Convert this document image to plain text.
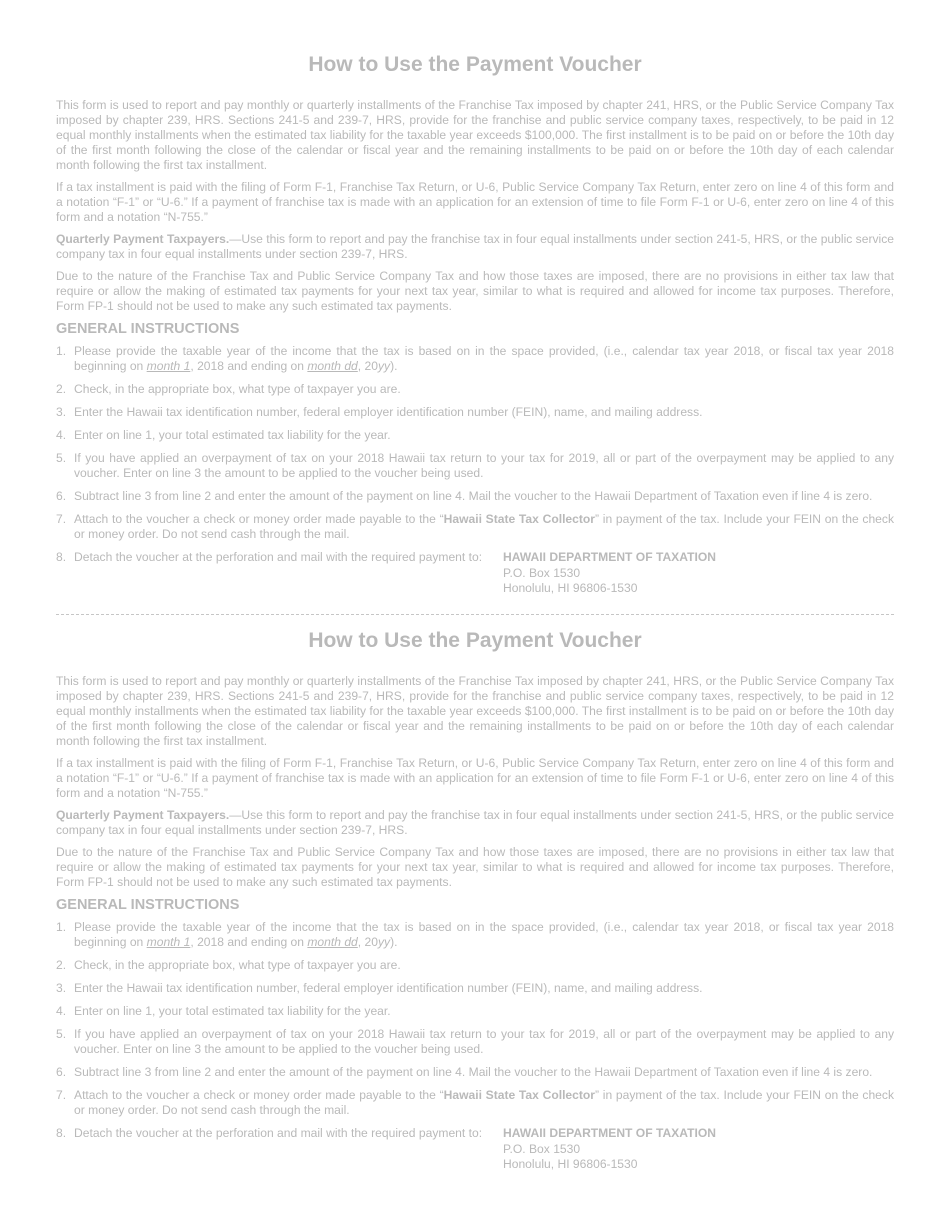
How to Use the Payment Voucher
This form is used to report and pay monthly or quarterly installments of the Franchise Tax imposed by chapter 241, HRS, or the Public Service Company Tax imposed by chapter 239, HRS. Sections 241-5 and 239-7, HRS, provide for the franchise and public service company taxes, respectively, to be paid in 12 equal monthly installments when the estimated tax liability for the taxable year exceeds $100,000. The first installment is to be paid on or before the 10th day of the first month following the close of the calendar or fiscal year and the remaining installments to be paid on or before the 10th day of each calendar month following the first tax installment.
If a tax installment is paid with the filing of Form F-1, Franchise Tax Return, or U-6, Public Service Company Tax Return, enter zero on line 4 of this form and a notation “F-1” or “U-6.” If a payment of franchise tax is made with an application for an extension of time to file Form F-1 or U-6, enter zero on line 4 of this form and a notation “N-755.”
Quarterly Payment Taxpayers.—Use this form to report and pay the franchise tax in four equal installments under section 241-5, HRS, or the public service company tax in four equal installments under section 239-7, HRS.
Due to the nature of the Franchise Tax and Public Service Company Tax and how those taxes are imposed, there are no provisions in either tax law that require or allow the making of estimated tax payments for your next tax year, similar to what is required and allowed for income tax purposes. Therefore, Form FP-1 should not be used to make any such estimated tax payments.
GENERAL INSTRUCTIONS
1. Please provide the taxable year of the income that the tax is based on in the space provided, (i.e., calendar tax year 2018, or fiscal tax year 2018 beginning on month 1, 2018 and ending on month dd, 20yy).
2. Check, in the appropriate box, what type of taxpayer you are.
3. Enter the Hawaii tax identification number, federal employer identification number (FEIN), name, and mailing address.
4. Enter on line 1, your total estimated tax liability for the year.
5. If you have applied an overpayment of tax on your 2018 Hawaii tax return to your tax for 2019, all or part of the overpayment may be applied to any voucher. Enter on line 3 the amount to be applied to the voucher being used.
6. Subtract line 3 from line 2 and enter the amount of the payment on line 4. Mail the voucher to the Hawaii Department of Taxation even if line 4 is zero.
7. Attach to the voucher a check or money order made payable to the “Hawaii State Tax Collector” in payment of the tax. Include your FEIN on the check or money order. Do not send cash through the mail.
8. Detach the voucher at the perforation and mail with the required payment to:	HAWAII DEPARTMENT OF TAXATION
P.O. Box 1530
Honolulu, HI 96806-1530
How to Use the Payment Voucher
This form is used to report and pay monthly or quarterly installments of the Franchise Tax imposed by chapter 241, HRS, or the Public Service Company Tax imposed by chapter 239, HRS. Sections 241-5 and 239-7, HRS, provide for the franchise and public service company taxes, respectively, to be paid in 12 equal monthly installments when the estimated tax liability for the taxable year exceeds $100,000. The first installment is to be paid on or before the 10th day of the first month following the close of the calendar or fiscal year and the remaining installments to be paid on or before the 10th day of each calendar month following the first tax installment.
If a tax installment is paid with the filing of Form F-1, Franchise Tax Return, or U-6, Public Service Company Tax Return, enter zero on line 4 of this form and a notation “F-1” or “U-6.” If a payment of franchise tax is made with an application for an extension of time to file Form F-1 or U-6, enter zero on line 4 of this form and a notation “N-755.”
Quarterly Payment Taxpayers.—Use this form to report and pay the franchise tax in four equal installments under section 241-5, HRS, or the public service company tax in four equal installments under section 239-7, HRS.
Due to the nature of the Franchise Tax and Public Service Company Tax and how those taxes are imposed, there are no provisions in either tax law that require or allow the making of estimated tax payments for your next tax year, similar to what is required and allowed for income tax purposes. Therefore, Form FP-1 should not be used to make any such estimated tax payments.
GENERAL INSTRUCTIONS
1. Please provide the taxable year of the income that the tax is based on in the space provided, (i.e., calendar tax year 2018, or fiscal tax year 2018 beginning on month 1, 2018 and ending on month dd, 20yy).
2. Check, in the appropriate box, what type of taxpayer you are.
3. Enter the Hawaii tax identification number, federal employer identification number (FEIN), name, and mailing address.
4. Enter on line 1, your total estimated tax liability for the year.
5. If you have applied an overpayment of tax on your 2018 Hawaii tax return to your tax for 2019, all or part of the overpayment may be applied to any voucher. Enter on line 3 the amount to be applied to the voucher being used.
6. Subtract line 3 from line 2 and enter the amount of the payment on line 4. Mail the voucher to the Hawaii Department of Taxation even if line 4 is zero.
7. Attach to the voucher a check or money order made payable to the “Hawaii State Tax Collector” in payment of the tax. Include your FEIN on the check or money order. Do not send cash through the mail.
8. Detach the voucher at the perforation and mail with the required payment to:	HAWAII DEPARTMENT OF TAXATION
P.O. Box 1530
Honolulu, HI 96806-1530
